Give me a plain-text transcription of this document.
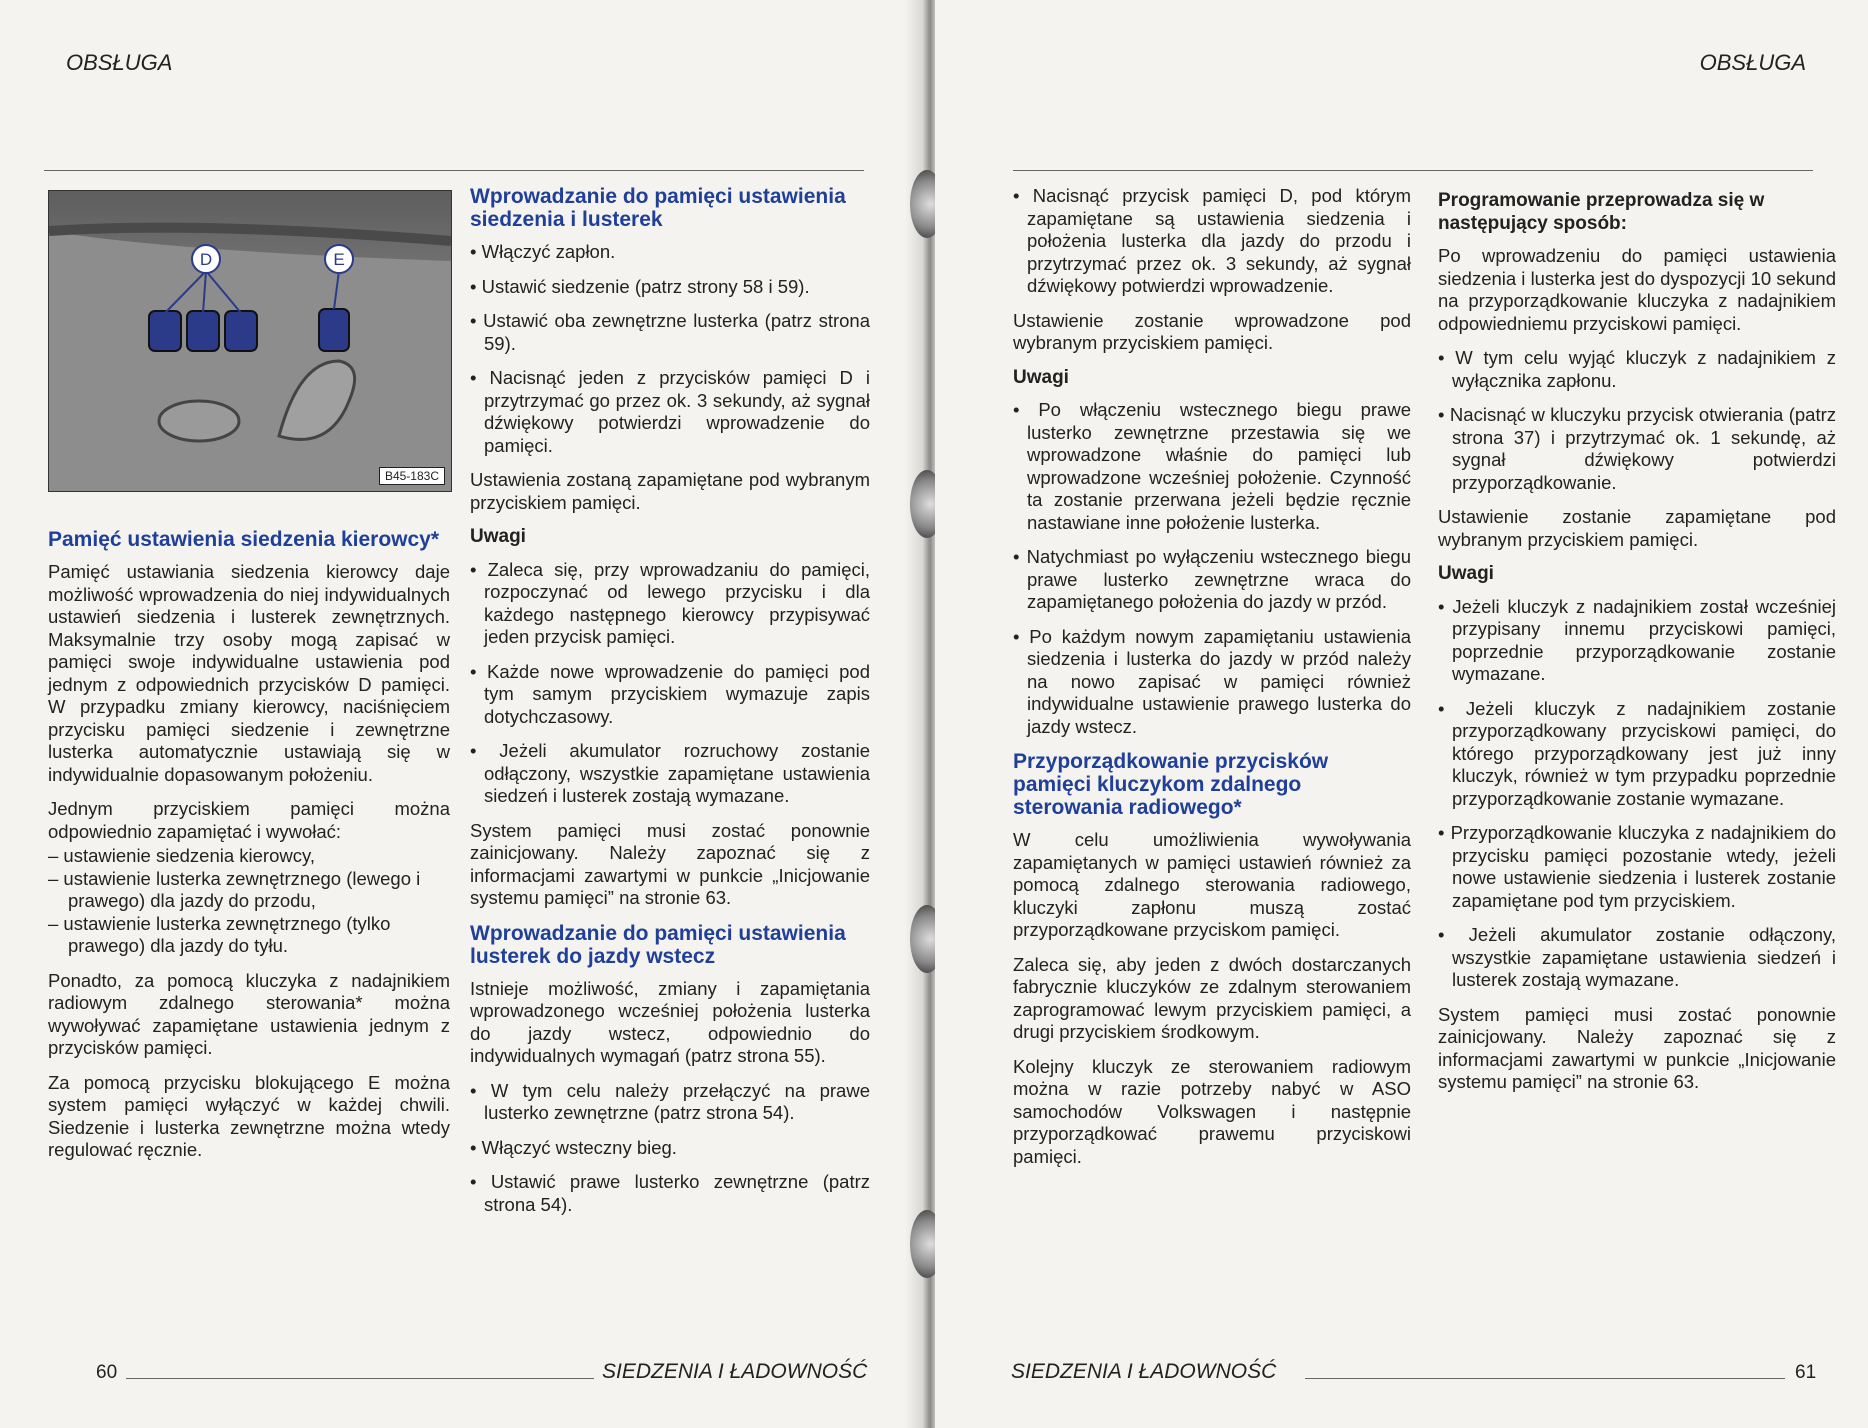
OBSŁUGA
D	E
B45-183C
Pamięć ustawienia siedzenia kierowcy*

Pamięć ustawiania siedzenia kierowcy daje możliwość wprowadzenia do niej indywidualnych ustawień siedzenia i lusterek zewnętrznych. Maksymalnie trzy osoby mogą zapisać w pamięci swoje indywidualne ustawienia pod jednym z odpowiednich przycisków D pamięci. W przypadku zmiany kierowcy, naciśnięciem przycisku pamięci siedzenie i zewnętrzne lusterka automatycznie ustawiają się w indywidualnie dopasowanym położeniu.

Jednym przyciskiem pamięci można odpowiednio zapamiętać i wywołać:

– ustawienie siedzenia kierowcy,
– ustawienie lusterka zewnętrznego (lewego i prawego) dla jazdy do przodu,
– ustawienie lusterka zewnętrznego (tylko prawego) dla jazdy do tyłu.

Ponadto, za pomocą kluczyka z nadajnikiem radiowym zdalnego sterowania* można wywoływać zapamiętane ustawienia jednym z przycisków pamięci.

Za pomocą przycisku blokującego E można system pamięci wyłączyć w każdej chwili. Siedzenie i lusterka zewnętrzne można wtedy regulować ręcznie.

Wprowadzanie do pamięci ustawienia siedzenia i lusterek

• Włączyć zapłon.

• Ustawić siedzenie (patrz strony 58 i 59).

• Ustawić oba zewnętrzne lusterka (patrz strona 59).

• Nacisnąć jeden z przycisków pamięci D i przytrzymać go przez ok. 3 sekundy, aż sygnał dźwiękowy potwierdzi wprowadzenie do pamięci.

Ustawienia zostaną zapamiętane pod wybranym przyciskiem pamięci.

Uwagi

• Zaleca się, przy wprowadzaniu do pamięci, rozpoczynać od lewego przycisku i dla każdego następnego kierowcy przypisywać jeden przycisk pamięci.

• Każde nowe wprowadzenie do pamięci pod tym samym przyciskiem wymazuje zapis dotychczasowy.

• Jeżeli akumulator rozruchowy zostanie odłączony, wszystkie zapamiętane ustawienia siedzeń i lusterek zostają wymazane.

System pamięci musi zostać ponownie zainicjowany. Należy zapoznać się z informacjami zawartymi w punkcie „Inicjowanie systemu pamięci” na stronie 63.

Wprowadzanie do pamięci ustawienia lusterek do jazdy wstecz

Istnieje możliwość, zmiany i zapamiętania wprowadzonego wcześniej położenia lusterka do jazdy wstecz, odpowiednio do indywidualnych wymagań (patrz strona 55).

• W tym celu należy przełączyć na prawe lusterko zewnętrzne (patrz strona 54).

• Włączyć wsteczny bieg.

• Ustawić prawe lusterko zewnętrzne (patrz strona 54).

60	SIEDZENIA I ŁADOWNOŚĆ
OBSŁUGA

• Nacisnąć przycisk pamięci D, pod którym zapamiętane są ustawienia siedzenia i położenia lusterka dla jazdy do przodu i przytrzymać przez ok. 3 sekundy, aż sygnał dźwiękowy potwierdzi wprowadzenie.

Ustawienie zostanie wprowadzone pod wybranym przyciskiem pamięci.

Uwagi

• Po włączeniu wstecznego biegu prawe lusterko zewnętrzne przestawia się we wprowadzone właśnie do pamięci lub wprowadzone wcześniej położenie. Czynność ta zostanie przerwana jeżeli będzie ręcznie nastawiane inne położenie lusterka.

• Natychmiast po wyłączeniu wstecznego biegu prawe lusterko zewnętrzne wraca do zapamiętanego położenia do jazdy w przód.

• Po każdym nowym zapamiętaniu ustawienia siedzenia i lusterka do jazdy w przód należy na nowo zapisać w pamięci również indywidualne ustawienie prawego lusterka do jazdy wstecz.

Przyporządkowanie przycisków pamięci kluczykom zdalnego sterowania radiowego*

W celu umożliwienia wywoływania zapamiętanych w pamięci ustawień również za pomocą zdalnego sterowania radiowego, kluczyki zapłonu muszą zostać przyporządkowane przyciskom pamięci.

Zaleca się, aby jeden z dwóch dostarczanych fabrycznie kluczyków ze zdalnym sterowaniem zaprogramować lewym przyciskiem pamięci, a drugi przyciskiem środkowym.

Kolejny kluczyk ze sterowaniem radiowym można w razie potrzeby nabyć w ASO samochodów Volkswagen i następnie przyporządkować prawemu przyciskowi pamięci.

Programowanie przeprowadza się w następujący sposób:

Po wprowadzeniu do pamięci ustawienia siedzenia i lusterka jest do dyspozycji 10 sekund na przyporządkowanie kluczyka z nadajnikiem odpowiedniemu przyciskowi pamięci.

• W tym celu wyjąć kluczyk z nadajnikiem z wyłącznika zapłonu.

• Nacisnąć w kluczyku przycisk otwierania (patrz strona 37) i przytrzymać ok. 1 sekundę, aż sygnał dźwiękowy potwierdzi przyporządkowanie.

Ustawienie zostanie zapamiętane pod wybranym przyciskiem pamięci.

Uwagi

• Jeżeli kluczyk z nadajnikiem został wcześniej przypisany innemu przyciskowi pamięci, poprzednie przyporządkowanie zostanie wymazane.

• Jeżeli kluczyk z nadajnikiem zostanie przyporządkowany przyciskowi pamięci, do którego przyporządkowany jest już inny kluczyk, również w tym przypadku poprzednie przyporządkowanie zostanie wymazane.

• Przyporządkowanie kluczyka z nadajnikiem do przycisku pamięci pozostanie wtedy, jeżeli nowe ustawienie siedzenia i lusterek zostanie zapamiętane pod tym przyciskiem.

• Jeżeli akumulator zostanie odłączony, wszystkie zapamiętane ustawienia siedzeń i lusterek zostają wymazane.

System pamięci musi zostać ponownie zainicjowany. Należy zapoznać się z informacjami zawartymi w punkcie „Inicjowanie systemu pamięci” na stronie 63.

SIEDZENIA I ŁADOWNOŚĆ	61
